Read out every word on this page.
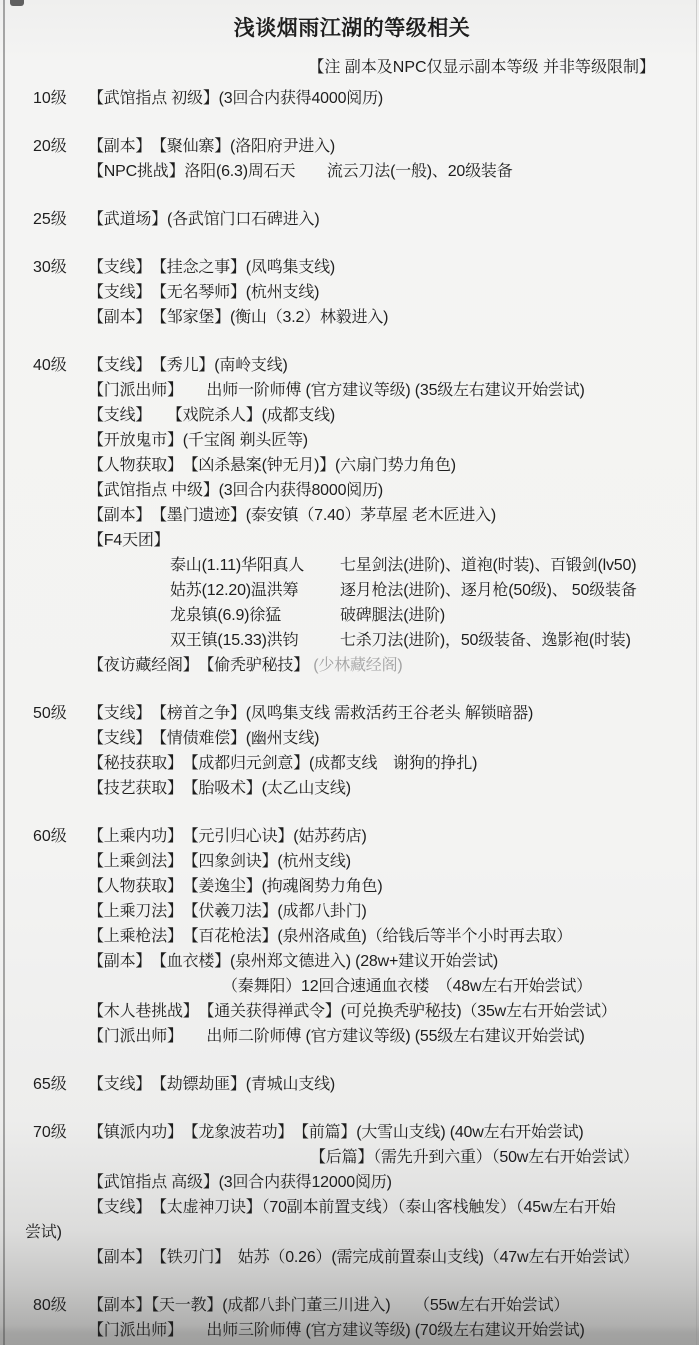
浅谈烟雨江湖的等级相关
【注 副本及NPC仅显示副本等级 并非等级限制】
10级	【武馆指点 初级】(3回合内获得4000阅历)
20级	【副本】　【聚仙寨】(洛阳府尹进入)
【NPC挑战】洛阳(6.3)周石天　　流云刀法(一般)、20级装备
25级	【武道场】(各武馆门口石碑进入)
30级	【支线】　【挂念之事】(凤鸣集支线)
【支线】　【无名琴师】(杭州支线)
【副本】　【邹家堡】(衡山（3.2）林毅进入)
40级	【支线】　【秀儿】(南岭支线)
【门派出师】　　出师一阶师傅 (官方建议等级) (35级左右建议开始尝试)
【支线】　　【戏院杀人】(成都支线)
【开放鬼市】(千宝阁 剃头匠等)
【人物获取】　【凶杀悬案(钟无月)】(六扇门势力角色)
【武馆指点 中级】(3回合内获得8000阅历)
【副本】　【墨门遗迹】(泰安镇（7.40）茅草屋 老木匠进入)
【F4天团】
泰山(1.11)华阳真人 七星剑法(进阶)、道袍(时装)、百锻剑(lv50)
姑苏(12.20)温洪筹	逐月枪法(进阶)、逐月枪(50级)、 50级装备
龙泉镇(6.9)徐猛	破碑腿法(进阶)
双王镇(15.33)洪钧	七杀刀法(进阶)，50级装备、逸影袍(时装)
【夜访藏经阁】　【偷秃驴秘技】 (少林藏经阁)
50级	【支线】　【榜首之争】(凤鸣集支线 需救活药王谷老头 解锁暗器)
【支线】　【情债难偿】(幽州支线)
【秘技获取】　【成都归元剑意】(成都支线　谢狗的挣扎)
【技艺获取】　【胎吸术】(太乙山支线)
60级	【上乘内功】　【元引归心诀】(姑苏药店)
【上乘剑法】　【四象剑诀】(杭州支线)
【人物获取】　【姜逸尘】(拘魂阁势力角色)
【上乘刀法】　【伏羲刀法】(成都八卦门)
【上乘枪法】　【百花枪法】(泉州洛咸鱼)（给钱后等半个小时再去取）
【副本】　【血衣楼】(泉州郑文德进入) (28w+建议开始尝试)
（秦舞阳）12回合速通血衣楼　（48w左右开始尝试）
【木人巷挑战】　【通关获得禅武令】(可兑换秃驴秘技)（35w左右开始尝试）
【门派出师】　　出师二阶师傅 (官方建议等级) (55级左右建议开始尝试)
65级	【支线】　【劫镖劫匪】(青城山支线)
70级	【镇派内功】　【龙象波若功】　【前篇】(大雪山支线) (40w左右开始尝试)
【后篇】（需先升到六重）（50w左右开始尝试）
【武馆指点 高级】(3回合内获得12000阅历)
【支线】　【太虚神刀诀】（70副本前置支线）（泰山客栈触发）（45w左右开始
尝试)
【副本】　【铁刃门】　姑苏（0.26）(需完成前置泰山支线)（47w左右开始尝试）
80级	【副本】【天一教】(成都八卦门董三川进入)　　（55w左右开始尝试）
【门派出师】　　出师三阶师傅 (官方建议等级) (70级左右建议开始尝试)
